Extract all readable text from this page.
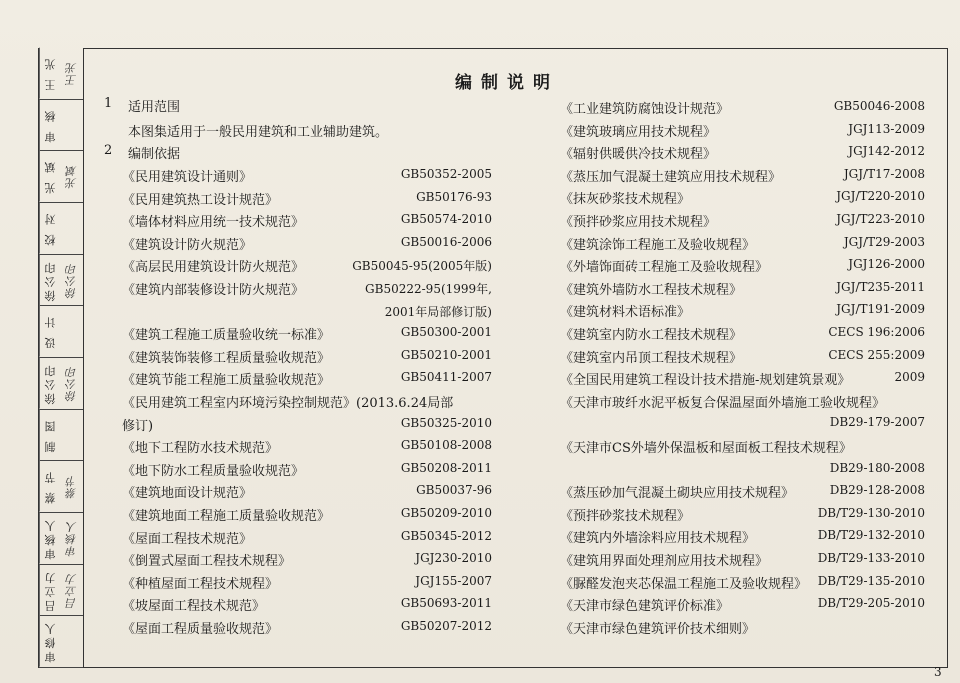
王 光 王光
审 核
光 斌 光斌
校 对
徐公印 徐公印
设 计
徐公印 徐公印
制 图
蔡 节 蔡节
审核人 审核人
吕立力 吕立力
审修人
编制说明
1 适用范围
本图集适用于一般民用建筑和工业辅助建筑。
2 编制依据
《民用建筑设计通则》	GB50352-2005
《民用建筑热工设计规范》	GB50176-93
《墙体材料应用统一技术规范》	GB50574-2010
《建筑设计防火规范》	GB50016-2006
《高层民用建筑设计防火规范》	GB50045-95(2005年版)
《建筑内部装修设计防火规范》	GB50222-95(1999年,
2001年局部修订版)
《建筑工程施工质量验收统一标准》	GB50300-2001
《建筑装饰装修工程质量验收规范》	GB50210-2001
《建筑节能工程施工质量验收规范》	GB50411-2007
《民用建筑工程室内环境污染控制规范》(2013.6.24局部
修订)	GB50325-2010
《地下工程防水技术规范》	GB50108-2008
《地下防水工程质量验收规范》	GB50208-2011
《建筑地面设计规范》	GB50037-96
《建筑地面工程施工质量验收规范》	GB50209-2010
《屋面工程技术规范》	GB50345-2012
《倒置式屋面工程技术规程》	JGJ230-2010
《种植屋面工程技术规程》	JGJ155-2007
《坡屋面工程技术规范》	GB50693-2011
《屋面工程质量验收规范》	GB50207-2012
《工业建筑防腐蚀设计规范》	GB50046-2008
《建筑玻璃应用技术规程》	JGJ113-2009
《辐射供暖供冷技术规程》	JGJ142-2012
《蒸压加气混凝土建筑应用技术规程》	JGJ/T17-2008
《抹灰砂浆技术规程》	JGJ/T220-2010
《预拌砂浆应用技术规程》	JGJ/T223-2010
《建筑涂饰工程施工及验收规程》	JGJ/T29-2003
《外墙饰面砖工程施工及验收规程》	JGJ126-2000
《建筑外墙防水工程技术规程》	JGJ/T235-2011
《建筑材料术语标准》	JGJ/T191-2009
《建筑室内防水工程技术规程》	CECS 196:2006
《建筑室内吊顶工程技术规程》	CECS 255:2009
《全国民用建筑工程设计技术措施-规划建筑景观》	2009
《天津市玻纤水泥平板复合保温屋面外墙施工验收规程》
DB29-179-2007
《天津市CS外墙外保温板和屋面板工程技术规程》
DB29-180-2008
《蒸压砂加气混凝土砌块应用技术规程》	DB29-128-2008
《预拌砂浆技术规程》	DB/T29-130-2010
《建筑内外墙涂料应用技术规程》	DB/T29-132-2010
《建筑用界面处理剂应用技术规程》	DB/T29-133-2010
《脲醛发泡夹芯保温工程施工及验收规程》 DB/T29-135-2010
《天津市绿色建筑评价标准》	DB/T29-205-2010
《天津市绿色建筑评价技术细则》
3
